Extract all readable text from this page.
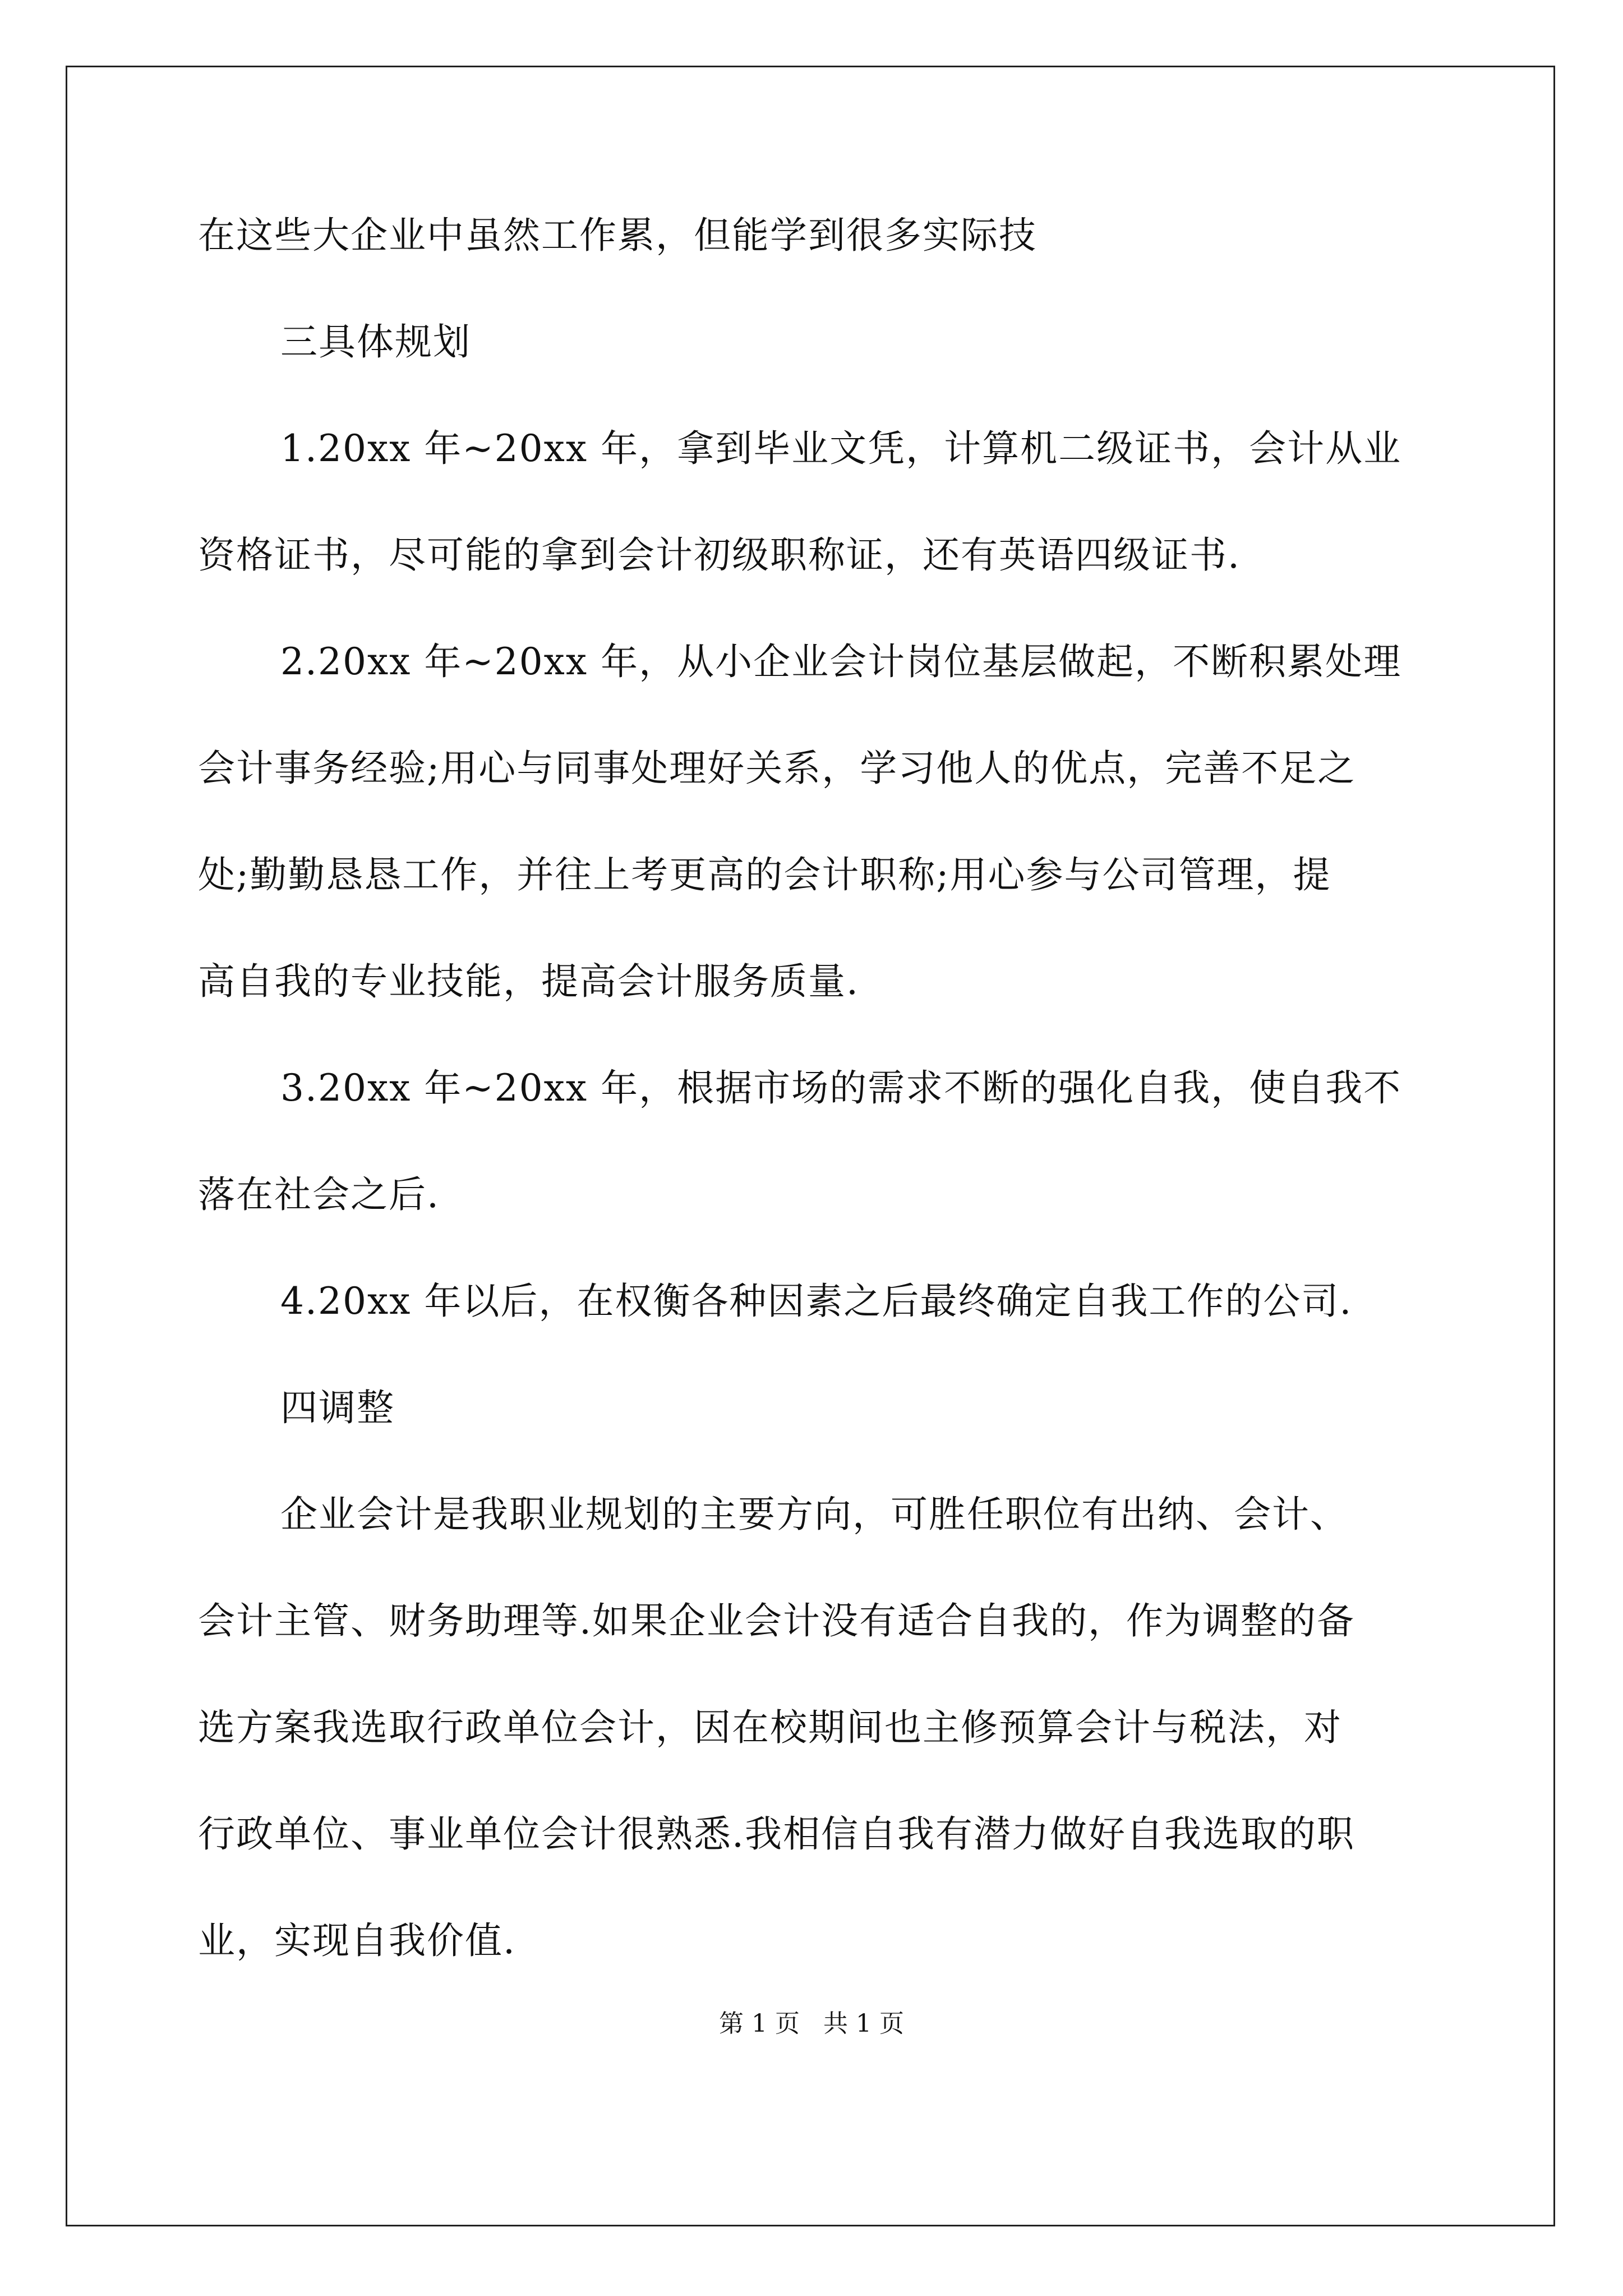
在这些大企业中虽然工作累，但能学到很多实际技
三具体规划
1.20xx 年~20xx 年，拿到毕业文凭，计算机二级证书，会计从业
资格证书，尽可能的拿到会计初级职称证，还有英语四级证书.
2.20xx 年~20xx 年，从小企业会计岗位基层做起，不断积累处理
会计事务经验;用心与同事处理好关系，学习他人的优点，完善不足之
处;勤勤恳恳工作，并往上考更高的会计职称;用心参与公司管理，提
高自我的专业技能，提高会计服务质量.
3.20xx 年~20xx 年，根据市场的需求不断的强化自我，使自我不
落在社会之后.
4.20xx 年以后，在权衡各种因素之后最终确定自我工作的公司.
四调整
企业会计是我职业规划的主要方向，可胜任职位有出纳、会计、
会计主管、财务助理等.如果企业会计没有适合自我的，作为调整的备
选方案我选取行政单位会计，因在校期间也主修预算会计与税法，对
行政单位、事业单位会计很熟悉.我相信自我有潜力做好自我选取的职
业，实现自我价值.
第 1 页   共 1 页
